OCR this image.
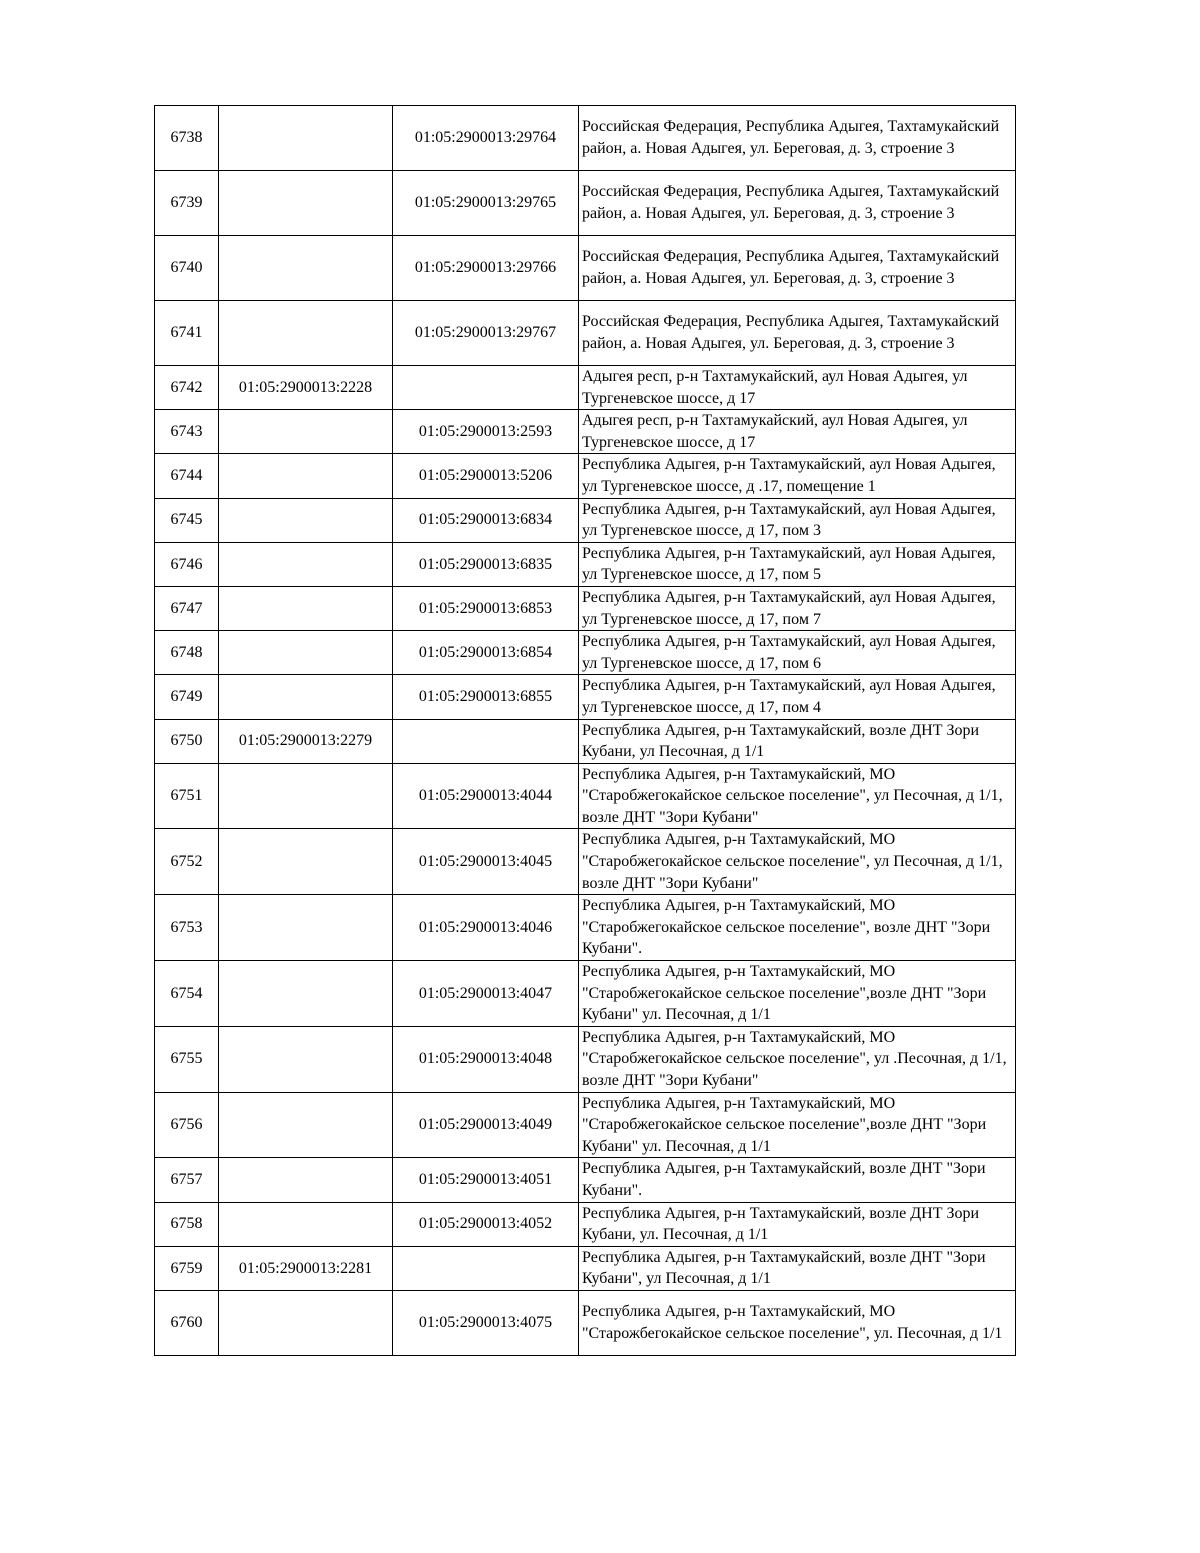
6738		01:05:2900013:29764	Российская Федерация, Республика Адыгея, Тахтамукайский район, а. Новая Адыгея, ул. Береговая, д. 3, строение 3
6739		01:05:2900013:29765	Российская Федерация, Республика Адыгея, Тахтамукайский район, а. Новая Адыгея, ул. Береговая, д. 3, строение 3
6740		01:05:2900013:29766	Российская Федерация, Республика Адыгея, Тахтамукайский район, а. Новая Адыгея, ул. Береговая, д. 3, строение 3
6741		01:05:2900013:29767	Российская Федерация, Республика Адыгея, Тахтамукайский район, а. Новая Адыгея, ул. Береговая, д. 3, строение 3
6742	01:05:2900013:2228		Адыгея респ, р-н Тахтамукайский, аул Новая Адыгея, ул Тургеневское шоссе, д 17
6743		01:05:2900013:2593	Адыгея респ, р-н Тахтамукайский, аул Новая Адыгея, ул Тургеневское шоссе, д 17
6744		01:05:2900013:5206	Республика Адыгея, р-н Тахтамукайский, аул Новая Адыгея, ул Тургеневское шоссе, д .17, помещение 1
6745		01:05:2900013:6834	Республика Адыгея, р-н Тахтамукайский, аул Новая Адыгея, ул Тургеневское шоссе, д 17, пом 3
6746		01:05:2900013:6835	Республика Адыгея, р-н Тахтамукайский, аул Новая Адыгея, ул Тургеневское шоссе, д 17, пом 5
6747		01:05:2900013:6853	Республика Адыгея, р-н Тахтамукайский, аул Новая Адыгея, ул Тургеневское шоссе, д 17, пом 7
6748		01:05:2900013:6854	Республика Адыгея, р-н Тахтамукайский, аул Новая Адыгея, ул Тургеневское шоссе, д 17, пом 6
6749		01:05:2900013:6855	Республика Адыгея, р-н Тахтамукайский, аул Новая Адыгея, ул Тургеневское шоссе, д 17, пом 4
6750	01:05:2900013:2279		Республика Адыгея, р-н Тахтамукайский, возле ДНТ Зори Кубани, ул Песочная, д 1/1
6751		01:05:2900013:4044	Республика Адыгея, р-н Тахтамукайский, МО "Старобжегокайское сельское поселение", ул Песочная, д 1/1, возле ДНТ "Зори Кубани"
6752		01:05:2900013:4045	Республика Адыгея, р-н Тахтамукайский, МО "Старобжегокайское сельское поселение", ул Песочная, д 1/1, возле ДНТ "Зори Кубани"
6753		01:05:2900013:4046	Республика Адыгея, р-н Тахтамукайский, МО "Старобжегокайское сельское поселение", возле ДНТ "Зори Кубани".
6754		01:05:2900013:4047	Республика Адыгея, р-н Тахтамукайский, МО "Старобжегокайское сельское поселение",возле ДНТ "Зори Кубани" ул. Песочная, д 1/1
6755		01:05:2900013:4048	Республика Адыгея, р-н Тахтамукайский, МО "Старобжегокайское сельское поселение", ул .Песочная, д 1/1, возле ДНТ "Зори Кубани"
6756		01:05:2900013:4049	Республика Адыгея, р-н Тахтамукайский, МО "Старобжегокайское сельское поселение",возле ДНТ "Зори Кубани" ул. Песочная, д 1/1
6757		01:05:2900013:4051	Республика Адыгея, р-н Тахтамукайский, возле ДНТ "Зори Кубани".
6758		01:05:2900013:4052	Республика Адыгея, р-н Тахтамукайский, возле ДНТ Зори Кубани, ул. Песочная, д 1/1
6759	01:05:2900013:2281		Республика Адыгея, р-н Тахтамукайский, возле ДНТ "Зори Кубани", ул Песочная, д 1/1
6760		01:05:2900013:4075	Республика Адыгея, р-н Тахтамукайский, МО "Старожбегокайское сельское поселение", ул. Песочная, д 1/1
